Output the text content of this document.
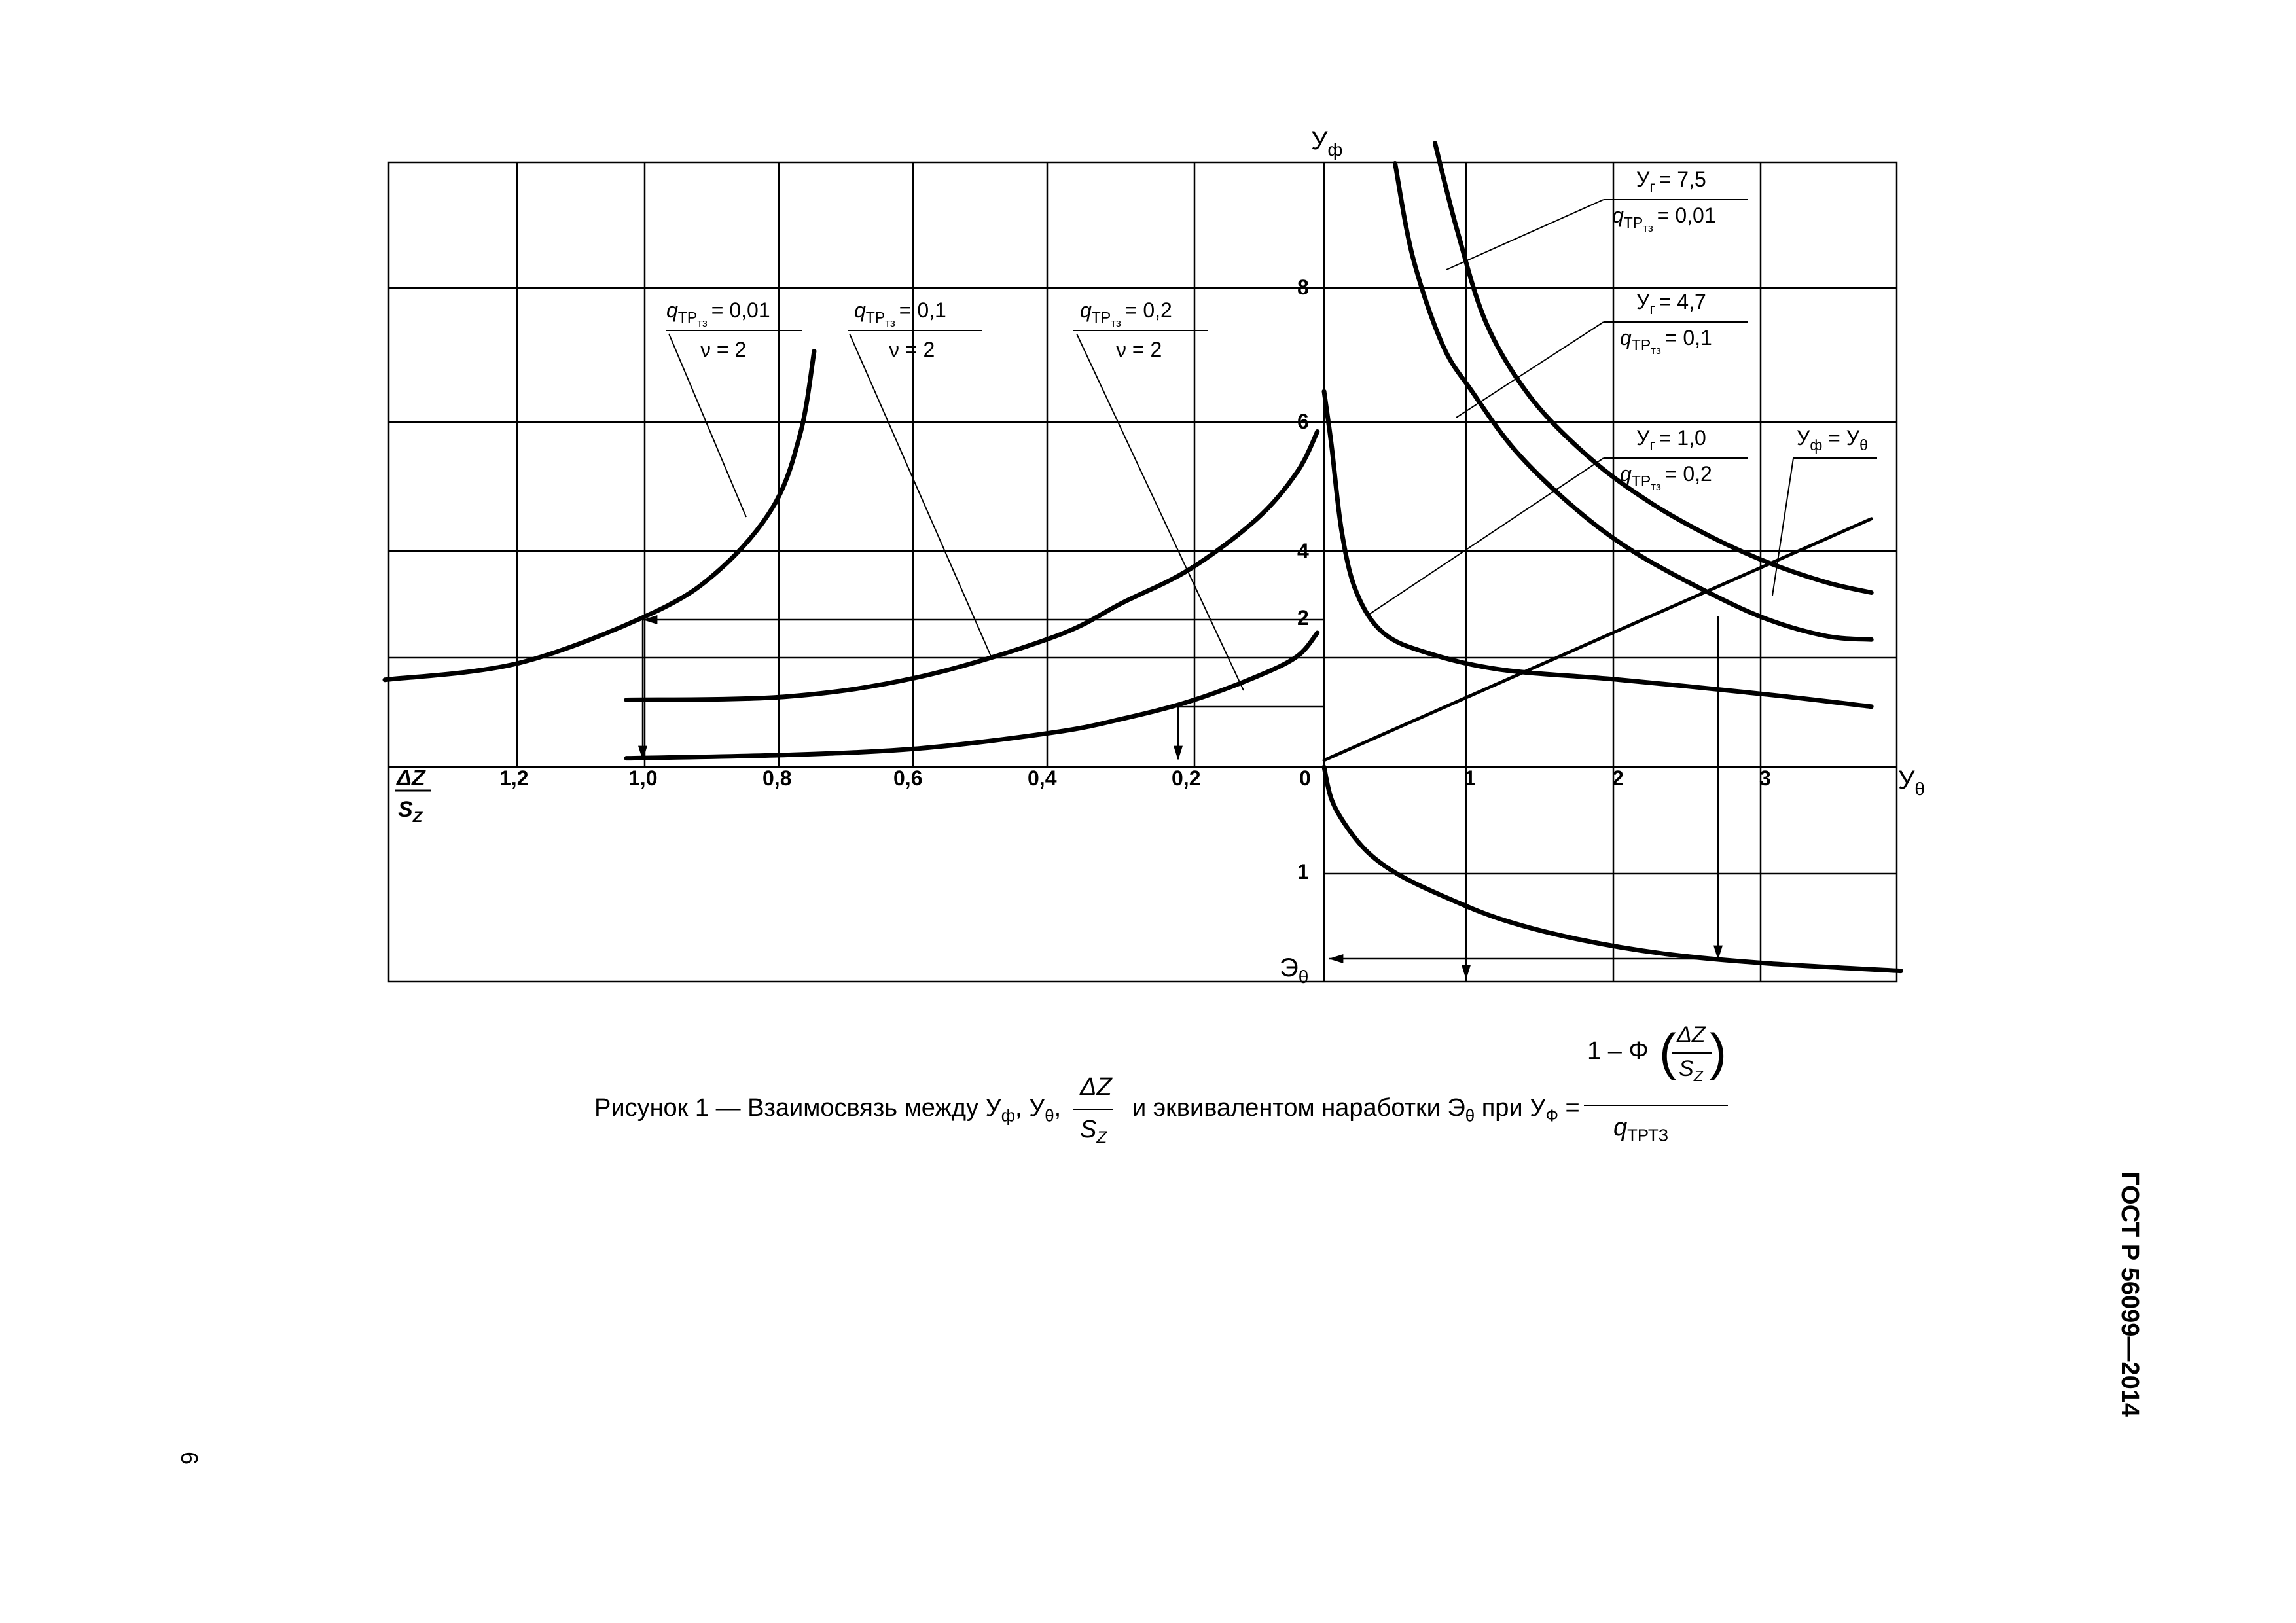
$У_ф$
$У_\theta$
$Э_\theta$
ΔZ
$S_Z$
1,2	1,0	0,8	0,6	0,4	0,2	0	1	2	3
8
6
4
2
1
$q_{ТР}тз= 0,01$
ν = 2
$q_{ТР}тз= 0,1$
ν = 2
$q_{ТР}тз= 0,2$
ν = 2
$У_г = 7,5$
$q_{ТР}тз= 0,01$
$У_г = 4,7$
$q_{ТР}тз= 0,1$
$У_г = 1,0$
$q_{ТР}тз= 0,2$
$У_ф = У_\theta$
Рисунок 1 — Взаимосвязь между $У_ф$, $У_\theta$,
ΔZ
$S_Z$
и эквивалентом наработки $Э_\theta$ при $У_Ф$ =
1 – Φ ( ΔZ
$S_Z$ )
$q_{ТРТЗ}$
ГОСТ Р 56099—2014
6
